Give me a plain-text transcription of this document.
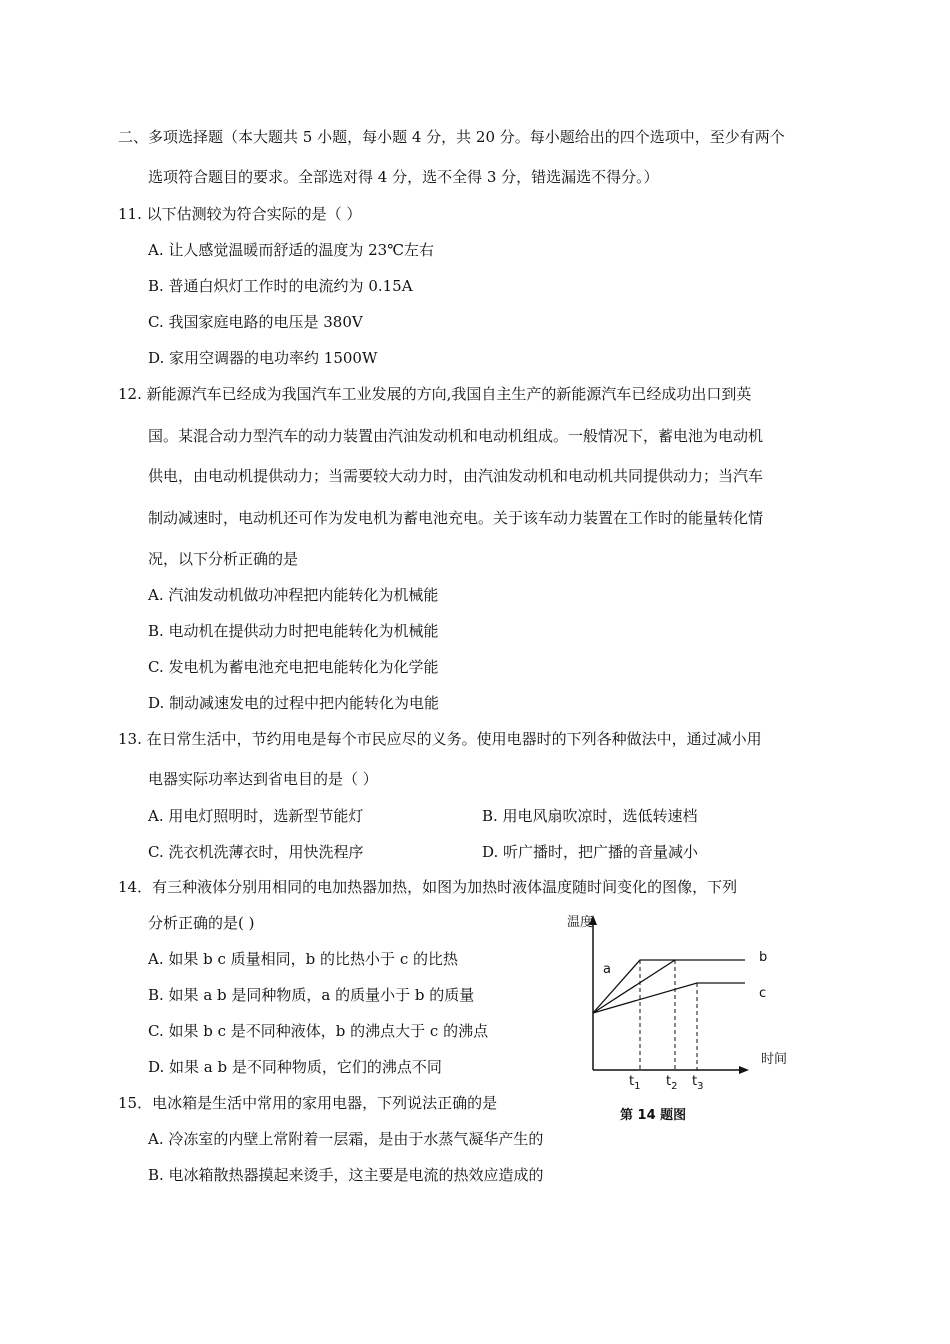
二、多项选择题（本大题共 5 小题，每小题 4 分，共 20 分。每小题给出的四个选项中，至少有两个
选项符合题目的要求。全部选对得 4 分，选不全得 3 分，错选漏选不得分。）
11. 以下估测较为符合实际的是（ ）
A. 让人感觉温暖而舒适的温度为 23℃左右
B. 普通白炽灯工作时的电流约为 0.15A
C. 我国家庭电路的电压是 380V
D. 家用空调器的电功率约 1500W
12. 新能源汽车已经成为我国汽车工业发展的方向,我国自主生产的新能源汽车已经成功出口到英
国。某混合动力型汽车的动力装置由汽油发动机和电动机组成。一般情况下，蓄电池为电动机
供电，由电动机提供动力；当需要较大动力时，由汽油发动机和电动机共同提供动力；当汽车
制动减速时，电动机还可作为发电机为蓄电池充电。关于该车动力装置在工作时的能量转化情
况，以下分析正确的是
A. 汽油发动机做功冲程把内能转化为机械能
B. 电动机在提供动力时把电能转化为机械能
C. 发电机为蓄电池充电把电能转化为化学能
D. 制动减速发电的过程中把内能转化为电能
13. 在日常生活中，节约用电是每个市民应尽的义务。使用电器时的下列各种做法中，通过减小用
电器实际功率达到省电目的是（ ）
A. 用电灯照明时，选新型节能灯	B. 用电风扇吹凉时，选低转速档
C. 洗衣机洗薄衣时，用快洗程序	D. 听广播时，把广播的音量减小
14．有三种液体分别用相同的电加热器加热，如图为加热时液体温度随时间变化的图像，下列
分析正确的是( )
A. 如果 b c 质量相同，b 的比热小于 c 的比热
B. 如果 a b 是同种物质，a 的质量小于 b 的质量
C. 如果 b c 是不同种液体，b 的沸点大于 c 的沸点
D. 如果 a b 是不同种物质，它们的沸点不同
温度
时间
a
b
c
$t_1$ $t_2$ $t_3$
第 14 题图
15．电冰箱是生活中常用的家用电器，下列说法正确的是
A. 冷冻室的内壁上常附着一层霜，是由于水蒸气凝华产生的
B. 电冰箱散热器摸起来烫手，这主要是电流的热效应造成的
